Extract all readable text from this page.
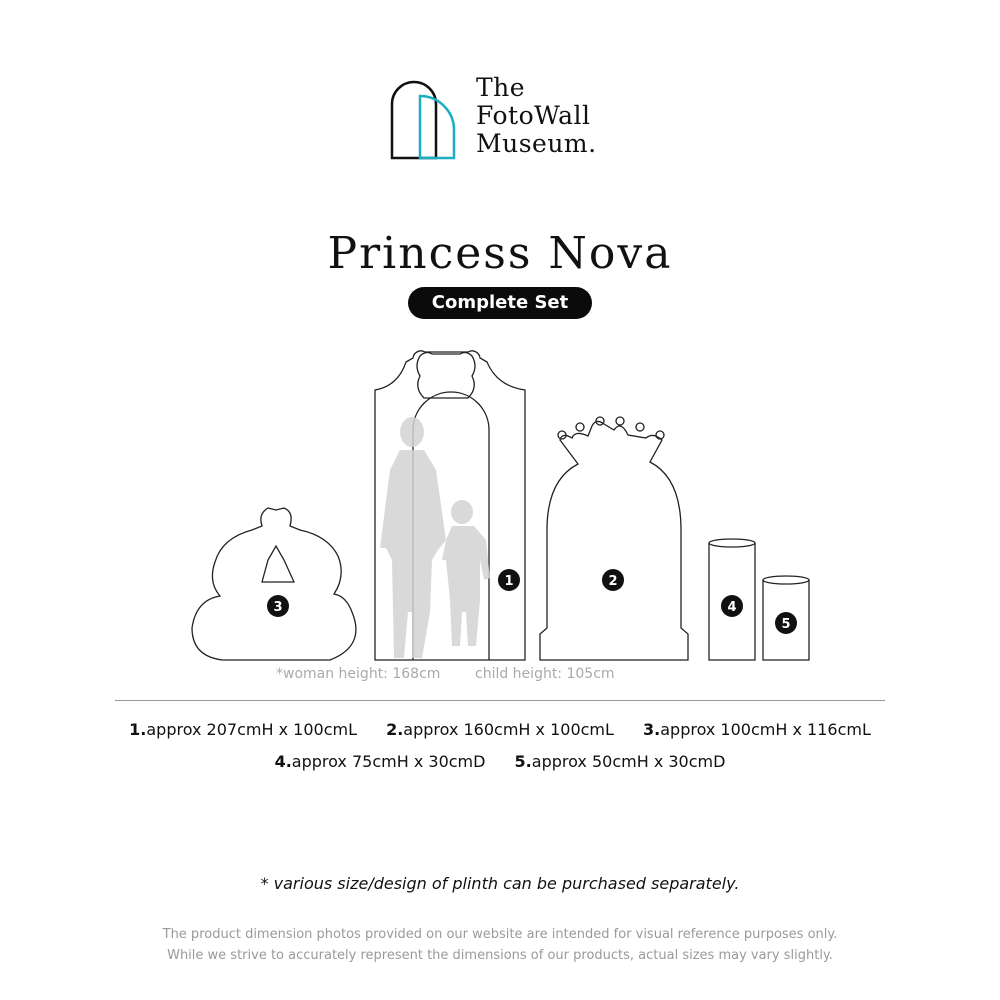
The
FotoWall
Museum.
Princess Nova
Complete Set
1	2
3	4
5
*woman height: 168cm child height: 105cm
1.approx 207cmH x 100cmL 2.approx 160cmH x 100cmL 3.approx 100cmH x 116cmL
4.approx 75cmH x 30cmD 5.approx 50cmH x 30cmD
* various size/design of plinth can be purchased separately.
The product dimension photos provided on our website are intended for visual reference purposes only.
While we strive to accurately represent the dimensions of our products, actual sizes may vary slightly.
